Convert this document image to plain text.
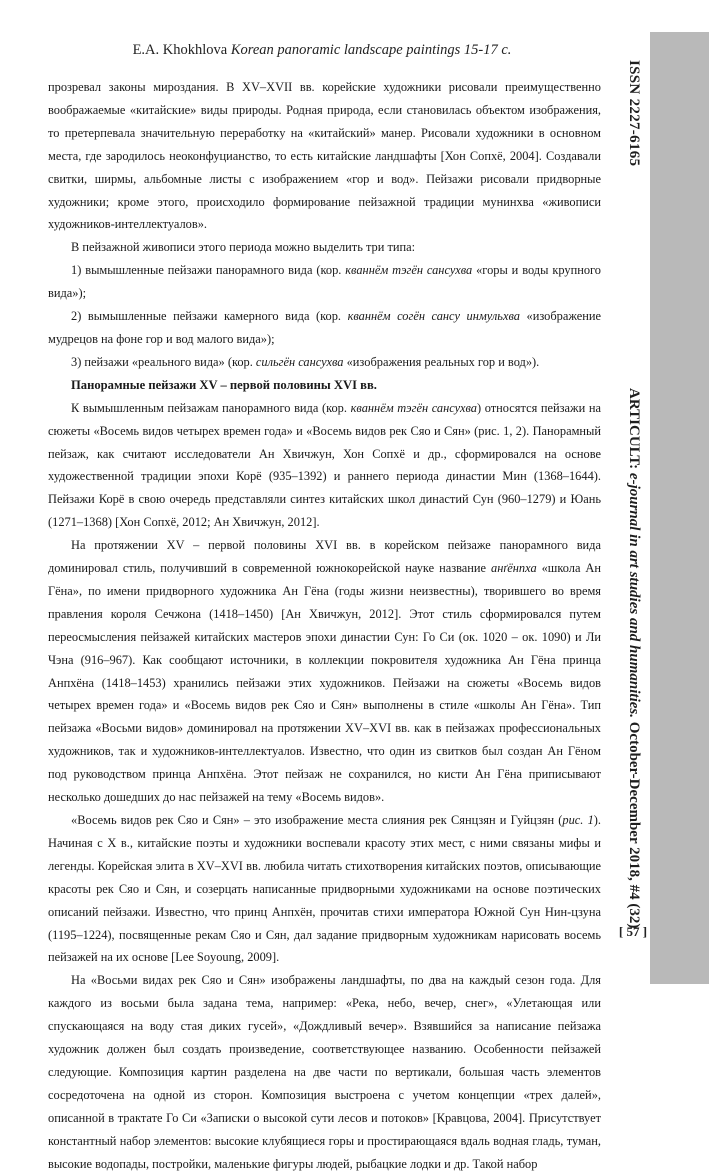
E.A. Khokhlova Korean panoramic landscape paintings 15-17 c.
ISSN 2227-6165
ARTICULT: e-journal in art studies and humanities. October-December 2018, #4 (32)
[ 57 ]

прозревал законы мироздания. В XV–XVII вв. корейские художники рисовали преимущественно воображаемые «китайские» виды природы. Родная природа, если становилась объектом изображения, то претерпевала значительную переработку на «китайский» манер. Рисовали художники в основном места, где зародилось неоконфуцианство, то есть китайские ландшафты [Хон Сопхё, 2004]. Создавали свитки, ширмы, альбомные листы с изображением «гор и вод». Пейзажи рисовали придворные художники; кроме этого, происходило формирование пейзажной традиции мунинхва «живописи художников-интеллектуалов».

В пейзажной живописи этого периода можно выделить три типа:

1) вымышленные пейзажи панорамного вида (кор. кваннём тэгён сансухва «горы и воды крупного вида»);

2) вымышленные пейзажи камерного вида (кор. кваннём согён сансу инмульхва «изображение мудрецов на фоне гор и вод малого вида»);

3) пейзажи «реального вида» (кор. сильгён сансухва «изображения реальных гор и вод»).

Панорамные пейзажи XV – первой половины XVI вв.

К вымышленным пейзажам панорамного вида (кор. кваннём тэгён сансухва) относятся пейзажи на сюжеты «Восемь видов четырех времен года» и «Восемь видов рек Сяо и Сян» (рис. 1, 2). Панорамный пейзаж, как считают исследователи Ан Хвичжун, Хон Сопхё и др., сформировался на основе художественной традиции эпохи Корё (935–1392) и раннего периода династии Мин (1368–1644). Пейзажи Корё в свою очередь представляли синтез китайских школ династий Сун (960–1279) и Юань (1271–1368) [Хон Сопхё, 2012; Ан Хвичжун, 2012].

На протяжении XV – первой половины XVI вв. в корейском пейзаже панорамного вида доминировал стиль, получивший в современной южнокорейской науке название анґёнпха «школа Ан Гёна», по имени придворного художника Ан Гёна (годы жизни неизвестны), творившего во время правления короля Сечжона (1418–1450) [Ан Хвичжун, 2012]. Этот стиль сформировался путем переосмысления пейзажей китайских мастеров эпохи династии Сун: Го Си (ок. 1020 – ок. 1090) и Ли Чэна (916–967). Как сообщают источники, в коллекции покровителя художника Ан Гёна принца Анпхёна (1418–1453) хранились пейзажи этих художников. Пейзажи на сюжеты «Восемь видов четырех времен года» и «Восемь видов рек Сяо и Сян» выполнены в стиле «школы Ан Гёна». Тип пейзажа «Восьми видов» доминировал на протяжении XV–XVI вв. как в пейзажах профессиональных художников, так и художников-интеллектуалов. Известно, что один из свитков был создан Ан Гёном под руководством принца Анпхёна. Этот пейзаж не сохранился, но кисти Ан Гёна приписывают несколько дошедших до нас пейзажей на тему «Восемь видов».

«Восемь видов рек Сяо и Сян» – это изображение места слияния рек Сянцзян и Гуйцзян (рис. 1). Начиная с X в., китайские поэты и художники воспевали красоту этих мест, с ними связаны мифы и легенды. Корейская элита в XV–XVI вв. любила читать стихотворения китайских поэтов, описывающие красоты рек Сяо и Сян, и созерцать написанные придворными художниками на основе поэтических описаний пейзажи. Известно, что принц Анпхён, прочитав стихи императора Южной Сун Нин-цзуна (1195–1224), посвященные рекам Сяо и Сян, дал задание придворным художникам нарисовать восемь пейзажей на их основе [Lee Soyoung, 2009].

На «Восьми видах рек Сяо и Сян» изображены ландшафты, по два на каждый сезон года. Для каждого из восьми была задана тема, например: «Река, небо, вечер, снег», «Улетающая или спускающаяся на воду стая диких гусей», «Дождливый вечер». Взявшийся за написание пейзажа художник должен был создать произведение, соответствующее названию. Особенности пейзажей следующие. Композиция картин разделена на две части по вертикали, большая часть элементов сосредоточена на одной из сторон. Композиция выстроена с учетом концепции «трех далей», описанной в трактате Го Си «Записки о высокой сути лесов и потоков» [Кравцова, 2004]. Присутствует константный набор элементов: высокие клубящиеся горы и простирающаяся вдаль водная гладь, туман, высокие водопады, постройки, маленькие фигуры людей, рыбацкие лодки и др. Такой набор
